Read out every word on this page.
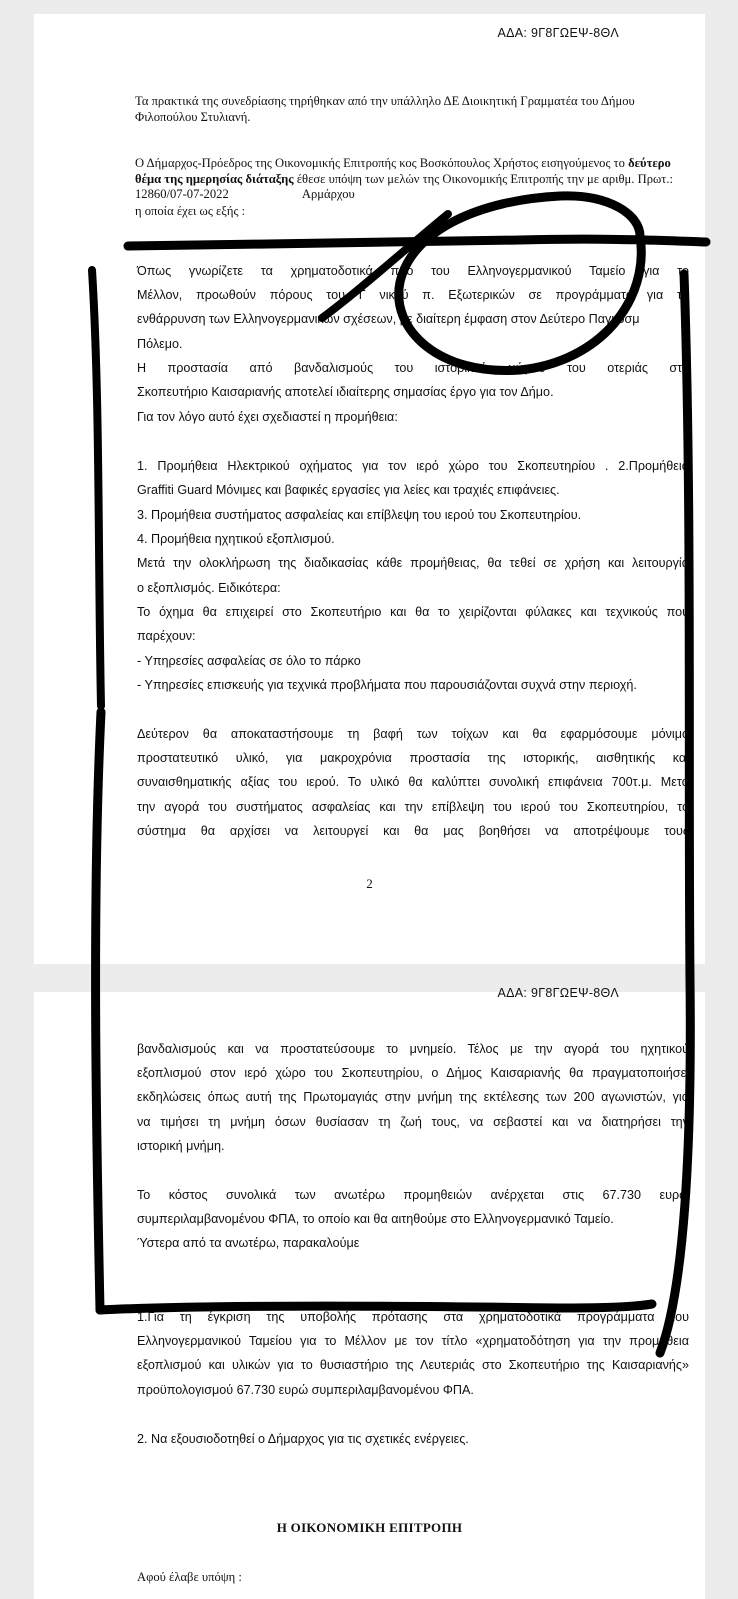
ΑΔΑ: 9Γ8ΓΩΕΨ-8ΘΛ

Τα πρακτικά της συνεδρίασης τηρήθηκαν από την υπάλληλο ΔΕ Διοικητική Γραμματέα του Δήμου Φιλοπούλου Στυλιανή.

Ο Δήμαρχος-Πρόεδρος της Οικονομικής Επιτροπής κος Βοσκόπουλος Χρήστος εισηγούμενος το δεύτερο θέμα της ημερησίας διάταξης έθεσε υπόψη των μελών της Οικονομικής Επιτροπής την με αριθμ. Πρωτ.: 12860/07-07-2022	Αρμάρχου

η οποία έχει ως εξής :

Όπως γνωρίζετε τα χρηματοδοτικά προ του Ελληνογερμανικού Ταμείο για το

Μέλλον, προωθούν πόρους του Γ νικού π. Εξωτερικών σε προγράμματα για τη

ενθάρρυνση των Ελληνογερμανικών σχέσεων, με διαίτερη έμφαση στον Δεύτερο Παγκόσμ

Πόλεμο.

Η προστασία από βανδαλισμούς του ιστορικού χώρου του οτεριάς στο

Σκοπευτήριο Καισαριανής αποτελεί ιδιαίτερης σημασίας έργο για τον Δήμο.

Για τον λόγο αυτό έχει σχεδιαστεί η προμήθεια:

1. Προμήθεια Ηλεκτρικού οχήματος για τον ιερό χώρο του Σκοπευτηρίου . 2.Προμήθεια

Graffiti Guard Μόνιμες και βαφικές εργασίες για λείες και τραχιές επιφάνειες.

3. Προμήθεια συστήματος ασφαλείας και επίβλεψη του ιερού του Σκοπευτηρίου.

4. Προμήθεια ηχητικού εξοπλισμού.

Μετά την ολοκλήρωση της διαδικασίας κάθε προμήθειας, θα τεθεί σε χρήση και λειτουργία

ο εξοπλισμός. Ειδικότερα:

Το όχημα θα επιχειρεί στο Σκοπευτήριο και θα το χειρίζονται φύλακες και τεχνικούς που

παρέχουν:

- Υπηρεσίες ασφαλείας σε όλο το πάρκο

- Υπηρεσίες επισκευής για τεχνικά προβλήματα που παρουσιάζονται συχνά στην περιοχή.

Δεύτερον θα αποκαταστήσουμε τη βαφή των τοίχων και θα εφαρμόσουμε μόνιμο

προστατευτικό υλικό, για μακροχρόνια προστασία της ιστορικής, αισθητικής και

συναισθηματικής αξίας του ιερού. Το υλικό θα καλύπτει συνολική επιφάνεια 700τ.μ. Μετά

την αγορά του συστήματος ασφαλείας και την επίβλεψη του ιερού του Σκοπευτηρίου, το

σύστημα θα αρχίσει να λειτουργεί και θα μας βοηθήσει να αποτρέψουμε τους

2
ΑΔΑ: 9Γ8ΓΩΕΨ-8ΘΛ

βανδαλισμούς και να προστατεύσουμε το μνημείο. Τέλος με την αγορά του ηχητικού

εξοπλισμού στον ιερό χώρο του Σκοπευτηρίου, ο Δήμος Καισαριανής θα πραγματοποιήσει

εκδηλώσεις όπως αυτή της Πρωτομαγιάς στην μνήμη της εκτέλεσης των 200 αγωνιστών, για

να τιμήσει τη μνήμη όσων θυσίασαν τη ζωή τους, να σεβαστεί και να διατηρήσει την

ιστορική μνήμη.

Το κόστος συνολικά των ανωτέρω προμηθειών ανέρχεται στις 67.730 ευρώ

συμπεριλαμβανομένου ΦΠΑ, το οποίο και θα αιτηθούμε στο Ελληνογερμανικό Ταμείο.

Ύστερα από τα ανωτέρω, παρακαλούμε

1.Για τη έγκριση της υποβολής πρότασης στα χρηματοδοτικά προγράμματα του

Ελληνογερμανικού Ταμείου για το Μέλλον με τον τίτλο «χρηματοδότηση για την προμήθεια

εξοπλισμού και υλικών για το θυσιαστήριο της Λευτεριάς στο Σκοπευτήριο της Καισαριανής»

προϋπολογισμού 67.730 ευρώ συμπεριλαμβανομένου ΦΠΑ.

2. Να εξουσιοδοτηθεί ο Δήμαρχος για τις σχετικές ενέργειες.

Η ΟΙΚΟΝΟΜΙΚΗ ΕΠΙΤΡΟΠΗ

Αφού έλαβε υπόψη :
